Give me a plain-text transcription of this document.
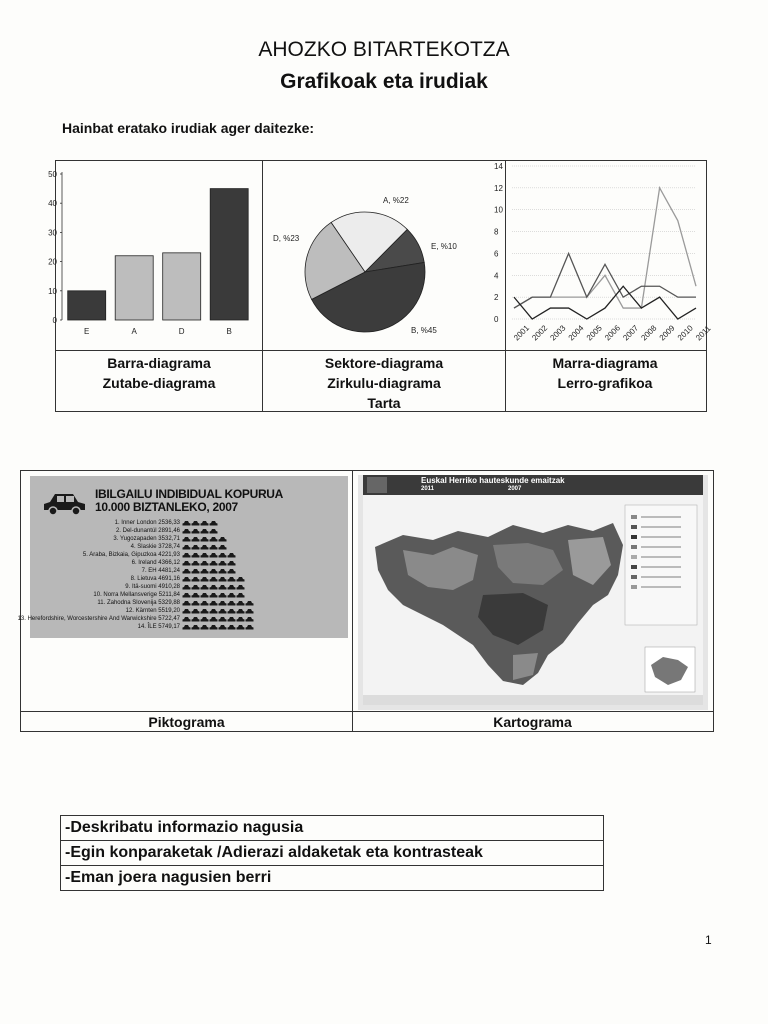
AHOZKO BITARTEKOTZA
Grafikoak eta irudiak
Hainbat eratako irudiak ager daitezke:
0
10
20
30
40
50
E	A	D	B
A, %22
E, %10
B, %45
D, %23
0
2
4
6
8
10
12
14
2001 2002 2003 2004 2005 2006 2007 2008 2009 2010 2011
Barra-diagrama
Zutabe-diagrama
Sektore-diagrama
Zirkulu-diagrama
Tarta
Marra-diagrama
Lerro-grafikoa
IBILGAILU INDIBIDUAL KOPURUA
10.000 BIZTANLEKO, 2007
1. Inner London 2536,33
2. Del-dunantúl 2891,46
3. Yugozapaden 3532,71
4. Slaskie 3728,74
5. Araba, Bizkaia, Gipuzkoa 4221,93
6. Ireland 4366,12
7. EH 4481,24
8. Lietuva 4691,16
9. Itä-suomi 4910,28
10. Norra Mellansverige 5211,84
11. Zahodna Slovenija 5329,88
12. Kärnten 5519,20
13. Herefordshire, Worcestershire And Warwickshire 5722,47
14. ÎLE 5749,17
Euskal Herriko hauteskunde emaitzak
2011	2007
Piktograma	Kartograma
-Deskribatu informazio nagusia
-Egin konparaketak /Adierazi aldaketak eta kontrasteak
-Eman joera nagusien berri
1
